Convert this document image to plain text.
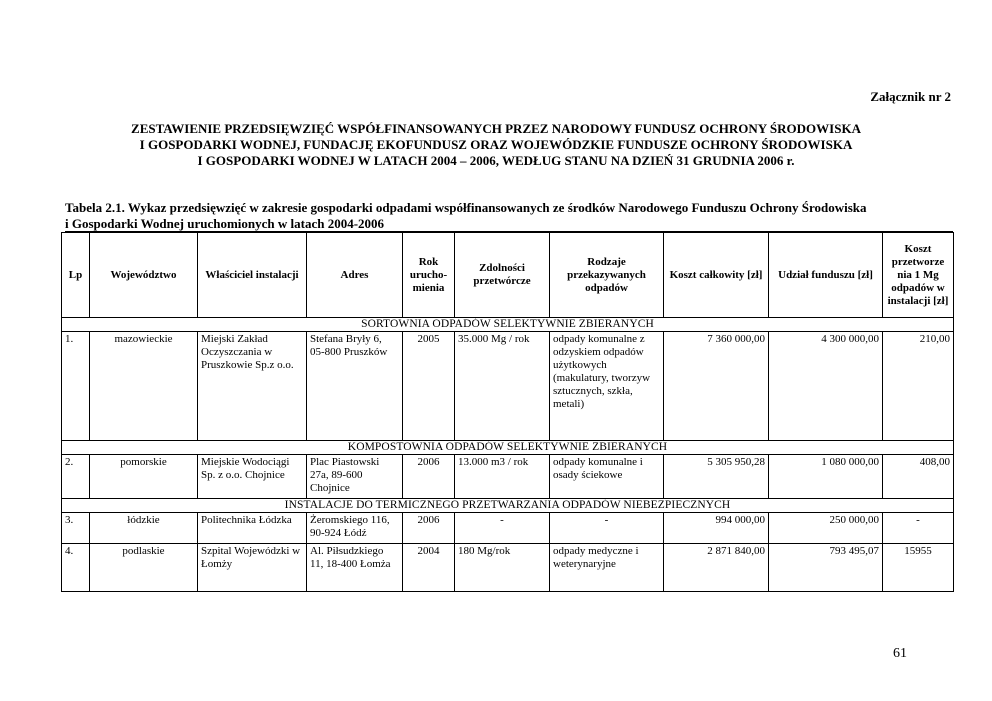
Załącznik nr 2
ZESTAWIENIE PRZEDSIĘWZIĘĆ WSPÓŁFINANSOWANYCH PRZEZ NARODOWY FUNDUSZ OCHRONY ŚRODOWISKA
I GOSPODARKI WODNEJ, FUNDACJĘ EKOFUNDUSZ ORAZ WOJEWÓDZKIE FUNDUSZE OCHRONY ŚRODOWISKA
I GOSPODARKI WODNEJ W LATACH 2004 – 2006, WEDŁUG STANU NA DZIEŃ 31 GRUDNIA 2006 r.
Tabela 2.1. Wykaz przedsięwzięć w zakresie gospodarki odpadami współfinansowanych ze środków Narodowego Funduszu Ochrony Środowiska
i Gospodarki Wodnej uruchomionych w latach 2004-2006
Lp	Województwo	Właściciel instalacji	Adres	Rok urucho- mienia	Zdolności przetwórcze	Rodzaje przekazywanych odpadów	Koszt całkowity [zł]	Udział funduszu [zł]	Koszt przetworze nia 1 Mg odpadów w instalacji [zł]
SORTOWNIA ODPADÓW SELEKTYWNIE ZBIERANYCH									
1.	mazowieckie	Miejski Zakład Oczyszczania w Pruszkowie Sp.z o.o.	Stefana Bryły 6, 05-800 Pruszków	2005	35.000 Mg / rok	odpady komunalne z odzyskiem odpadów użytkowych (makulatury, tworzyw sztucznych, szkła, metali)	7 360 000,00	4 300 000,00	210,00
KOMPOSTOWNIA ODPADÓW SELEKTYWNIE ZBIERANYCH									
2.	pomorskie	Miejskie Wodociągi Sp. z o.o. Chojnice	Plac Piastowski 27a, 89-600 Chojnice	2006	13.000 m3 / rok	odpady komunalne i osady ściekowe	5 305 950,28	1 080 000,00	408,00
INSTALACJE DO TERMICZNEGO PRZETWARZANIA ODPADÓW NIEBEZPIECZNYCH									
3.	łódzkie	Politechnika Łódzka	Żeromskiego 116, 90-924 Łódź	2006	-	-	994 000,00	250 000,00	-
4.	podlaskie	Szpital Wojewódzki w Łomży	Al. Piłsudzkiego 11, 18-400 Łomża	2004	180 Mg/rok	odpady medyczne i weterynaryjne	2 871 840,00	793 495,07	15955
61
